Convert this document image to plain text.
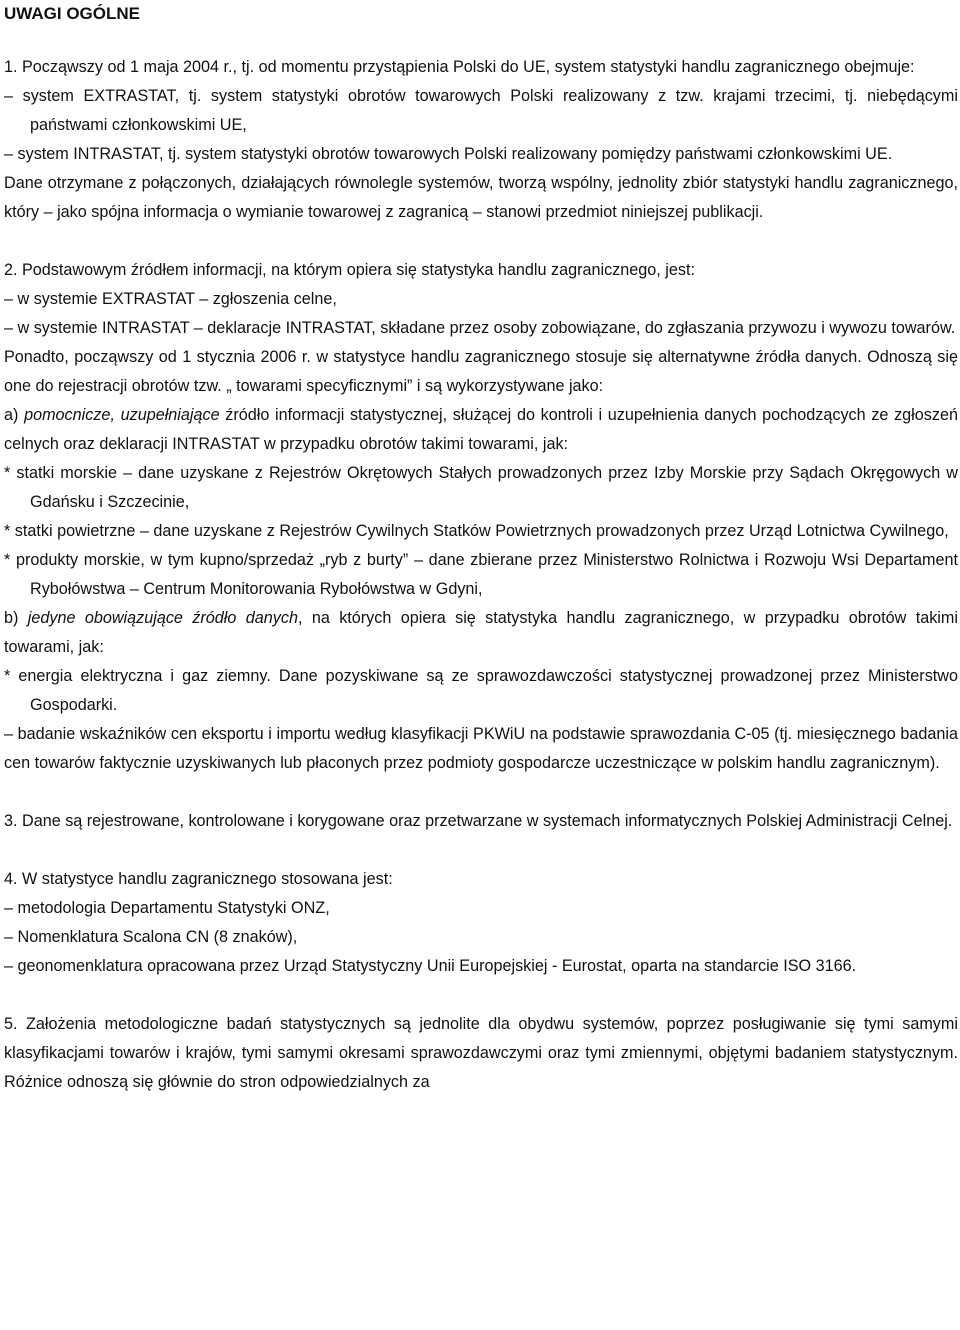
UWAGI OGÓLNE

1. Począwszy od 1 maja 2004 r., tj. od momentu przystąpienia Polski do UE, system statystyki handlu zagranicznego obejmuje:

– system EXTRASTAT, tj. system statystyki obrotów towarowych Polski realizowany z tzw. krajami trzecimi, tj. niebędącymi państwami członkowskimi UE,

– system INTRASTAT, tj. system statystyki obrotów towarowych Polski realizowany pomiędzy państwami członkowskimi UE.

Dane otrzymane z połączonych, działających równolegle systemów, tworzą wspólny, jednolity zbiór statystyki handlu zagranicznego, który – jako spójna informacja o wymianie towarowej z zagranicą – stanowi przedmiot niniejszej publikacji.

2. Podstawowym źródłem informacji, na którym opiera się statystyka handlu zagranicznego, jest:

– w systemie EXTRASTAT – zgłoszenia celne,

– w systemie INTRASTAT – deklaracje INTRASTAT, składane przez osoby zobowiązane, do zgłaszania przywozu i wywozu towarów.

Ponadto, począwszy od 1 stycznia 2006 r. w statystyce handlu zagranicznego stosuje się alternatywne źródła danych. Odnoszą się one do rejestracji obrotów tzw. „ towarami specyficznymi” i są wykorzystywane jako:

a) pomocnicze, uzupełniające źródło informacji statystycznej, służącej do kontroli i uzupełnienia danych pochodzących ze zgłoszeń celnych oraz deklaracji INTRASTAT w przypadku obrotów takimi towarami, jak:

* statki morskie – dane uzyskane z Rejestrów Okrętowych Stałych prowadzonych przez Izby Morskie przy Sądach Okręgowych w Gdańsku i Szczecinie,

* statki powietrzne – dane uzyskane z Rejestrów Cywilnych Statków Powietrznych prowadzonych przez Urząd Lotnictwa Cywilnego,

* produkty morskie, w tym kupno/sprzedaż „ryb z burty” – dane zbierane przez Ministerstwo Rolnictwa i Rozwoju Wsi Departament Rybołówstwa – Centrum Monitorowania Rybołówstwa w Gdyni,

b) jedyne obowiązujące źródło danych, na których opiera się statystyka handlu zagranicznego, w przypadku obrotów takimi towarami, jak:

* energia elektryczna i gaz ziemny. Dane pozyskiwane są ze sprawozdawczości statystycznej prowadzonej przez Ministerstwo Gospodarki.

– badanie wskaźników cen eksportu i importu według klasyfikacji PKWiU na podstawie sprawozdania C-05 (tj. miesięcznego badania cen towarów faktycznie uzyskiwanych lub płaconych przez podmioty gospodarcze uczestniczące w polskim handlu zagranicznym).

3. Dane są rejestrowane, kontrolowane i korygowane oraz przetwarzane w systemach informatycznych Polskiej Administracji Celnej.

4. W statystyce handlu zagranicznego stosowana jest:

– metodologia Departamentu Statystyki ONZ,

– Nomenklatura Scalona CN (8 znaków),

– geonomenklatura opracowana przez Urząd Statystyczny Unii Europejskiej - Eurostat, oparta na standarcie ISO 3166.

5. Założenia metodologiczne badań statystycznych są jednolite dla obydwu systemów, poprzez posługiwanie się tymi samymi klasyfikacjami towarów i krajów, tymi samymi okresami sprawozdawczymi oraz tymi zmiennymi, objętymi badaniem statystycznym. Różnice odnoszą się głównie do stron odpowiedzialnych za
